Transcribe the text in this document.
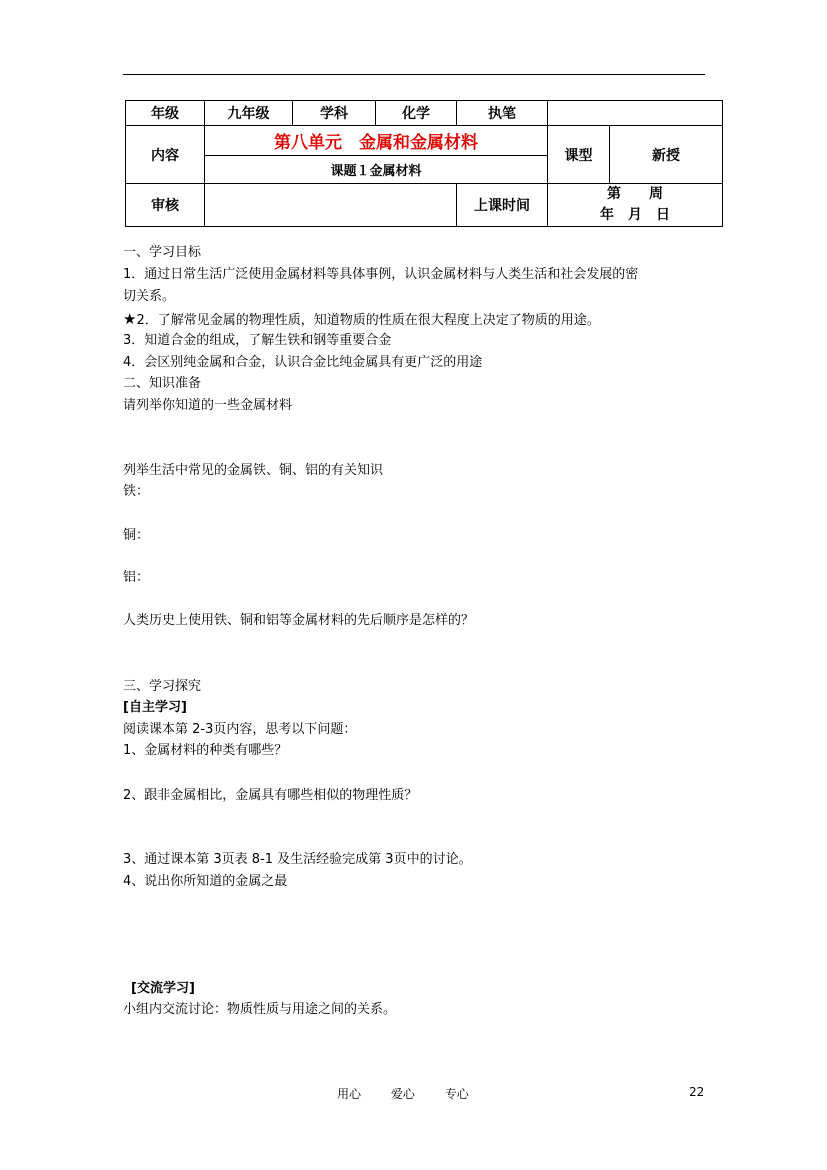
年级	九年级	学科	化学	执笔		
内容	第八单元　金属和金属材料				课型	新授
	课题１金属材料					
审核				上课时间	第　　周
年　月　日	
一、学习目标
1．通过日常生活广泛使用金属材料等具体事例，认识金属材料与人类生活和社会发展的密
切关系。
★2．了解常见金属的物理性质，知道物质的性质在很大程度上决定了物质的用途。
3．知道合金的组成，了解生铁和钢等重要合金
4．会区别纯金属和合金，认识合金比纯金属具有更广泛的用途
二、知识准备
请列举你知道的一些金属材料
列举生活中常见的金属铁、铜、铝的有关知识
铁：
铜：
铝：
人类历史上使用铁、铜和铝等金属材料的先后顺序是怎样的？
三、学习探究
[自主学习]
阅读课本第 2-3页内容，思考以下问题：
1、金属材料的种类有哪些？
2、跟非金属相比，金属具有哪些相似的物理性质？
3、通过课本第 3页表 8-1 及生活经验完成第 3页中的讨论。
4、说出你所知道的金属之最
[交流学习]
小组内交流讨论：物质性质与用途之间的关系。
用心 爱心 专心	22
